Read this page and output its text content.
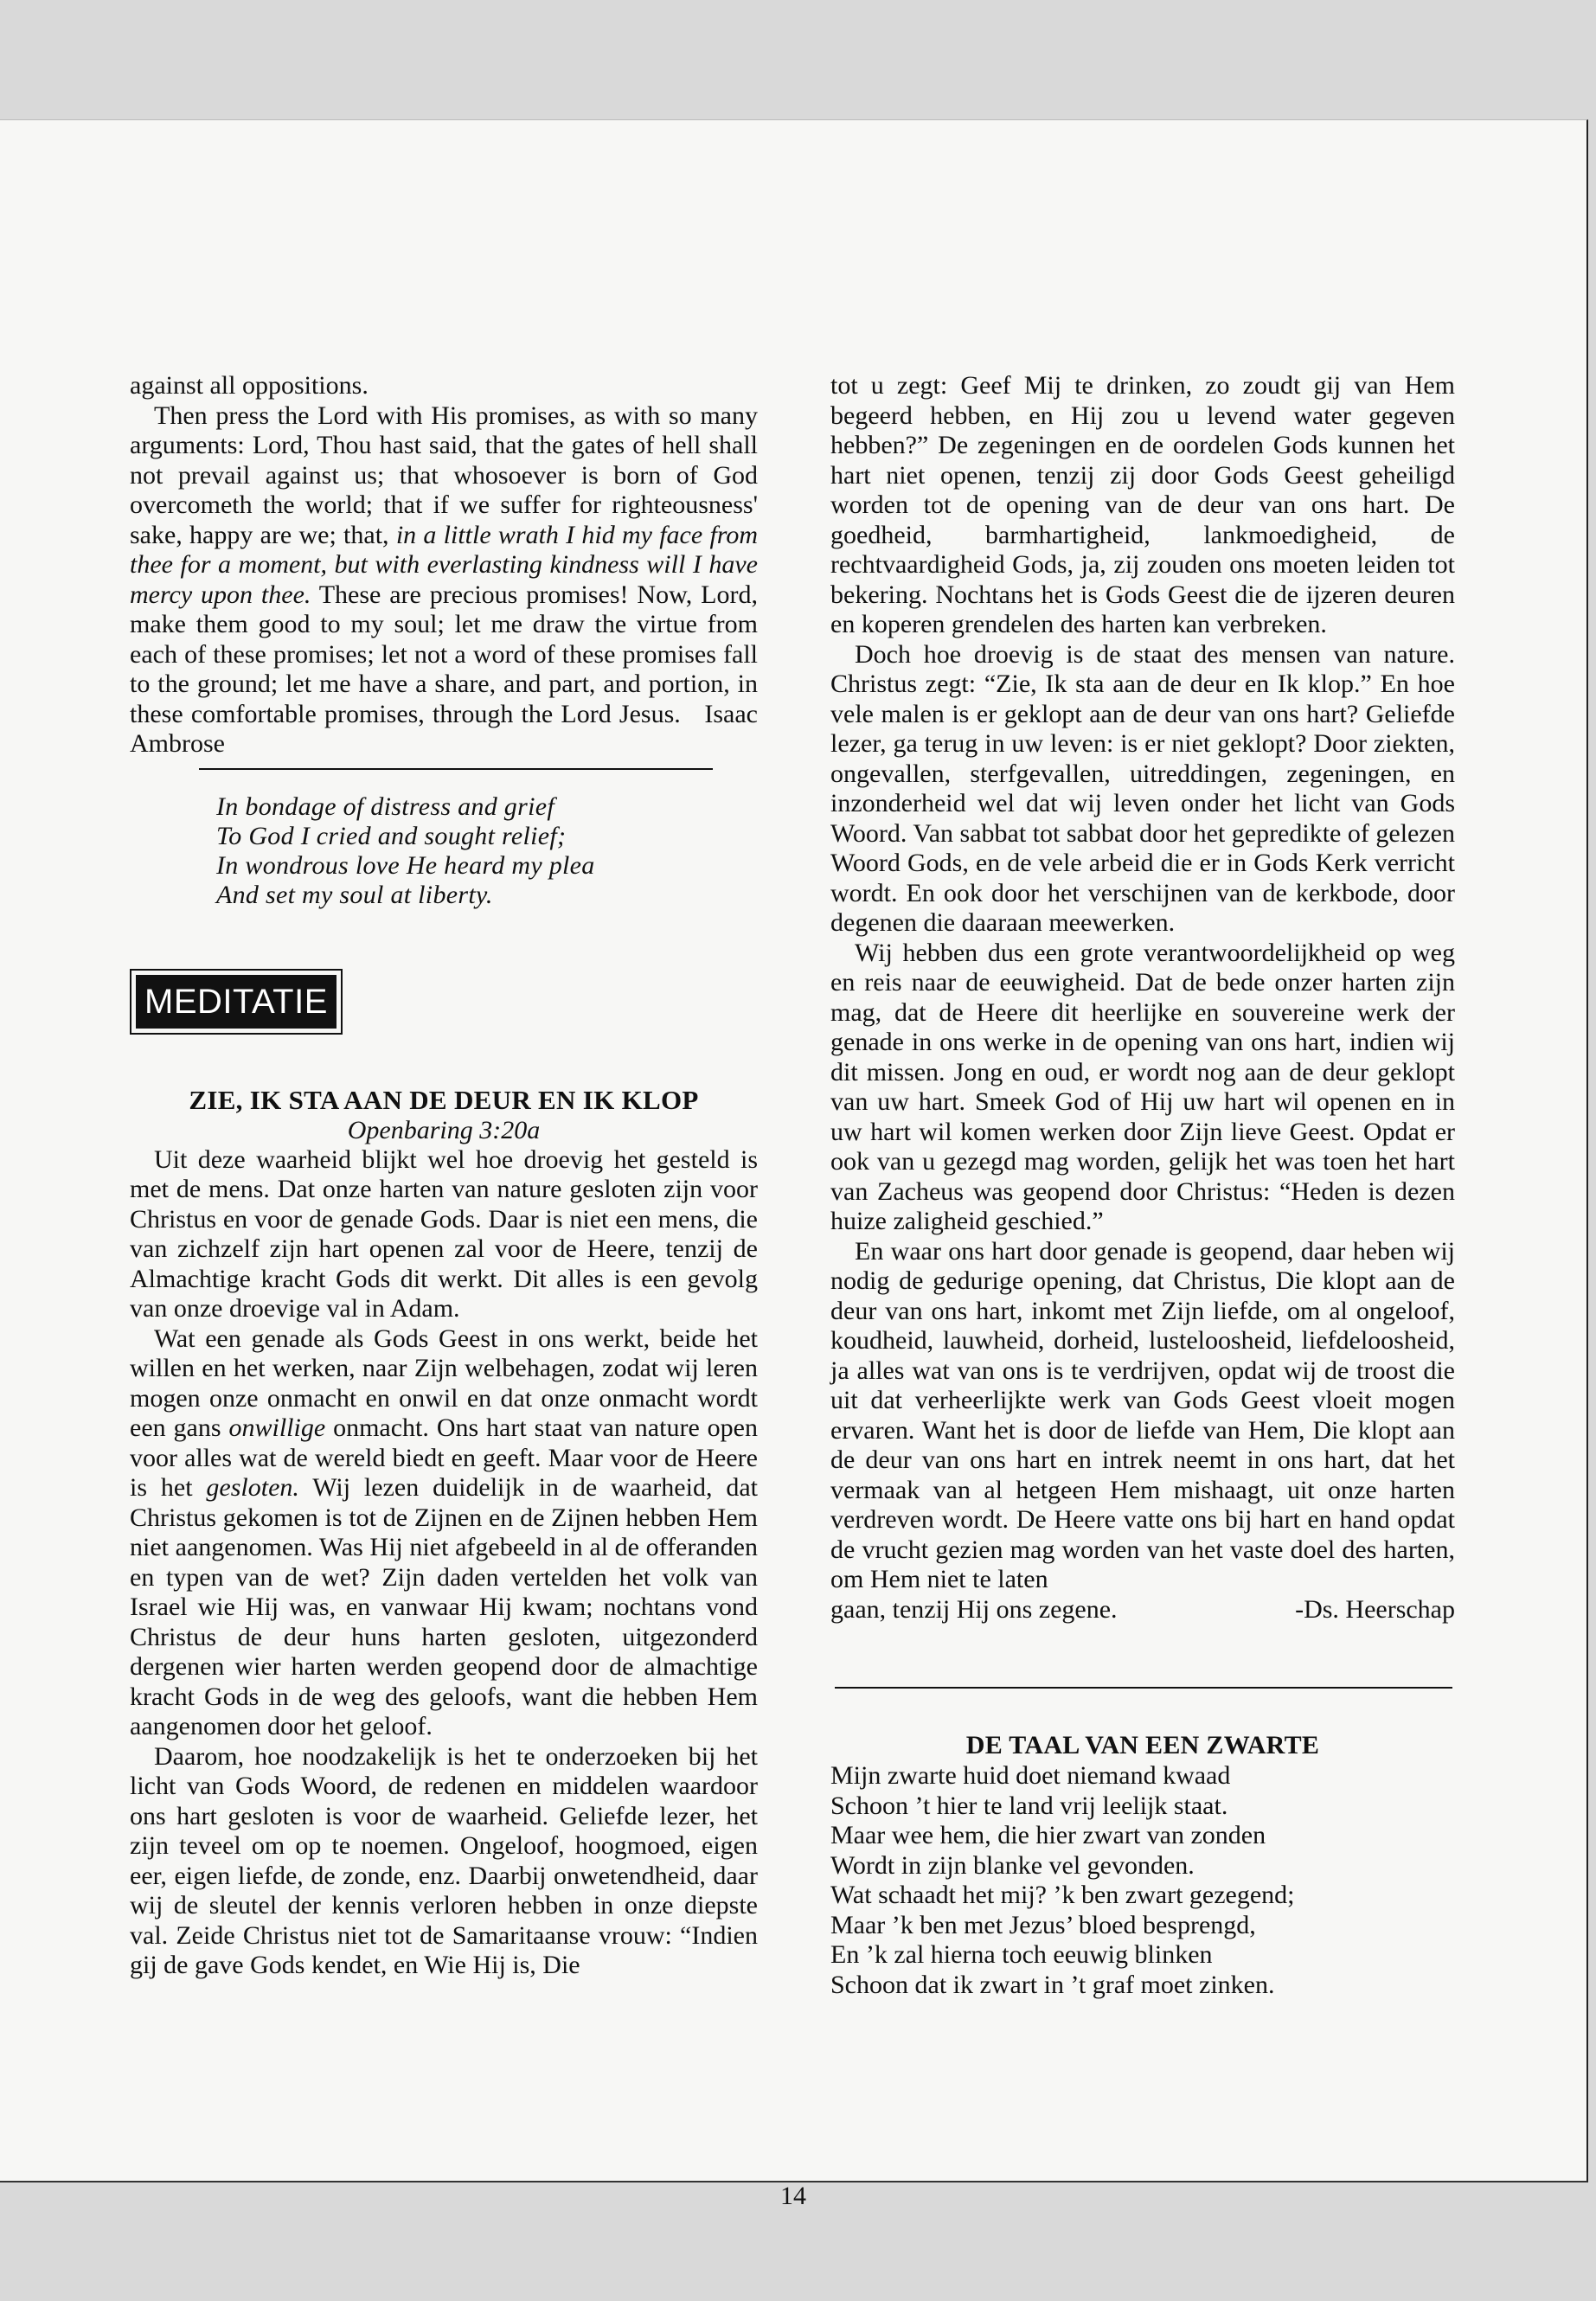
against all oppositions.

Then press the Lord with His promises, as with so many arguments: Lord, Thou hast said, that the gates of hell shall not prevail against us; that whosoever is born of God overcometh the world; that if we suffer for righteousness' sake, happy are we; that, in a little wrath I hid my face from thee for a moment, but with everlasting kindness will I have mercy upon thee. These are precious promises! Now, Lord, make them good to my soul; let me draw the virtue from each of these promises; let not a word of these promises fall to the ground; let me have a share, and part, and portion, in these comfortable promises, through the Lord Jesus. Isaac Ambrose

In bondage of distress and grief
To God I cried and sought relief;
In wondrous love He heard my plea
And set my soul at liberty.
MEDITATIE
ZIE, IK STA AAN DE DEUR EN IK KLOP
Openbaring 3:20a

Uit deze waarheid blijkt wel hoe droevig het gesteld is met de mens. Dat onze harten van nature gesloten zijn voor Christus en voor de genade Gods. Daar is niet een mens, die van zichzelf zijn hart openen zal voor de Heere, tenzij de Almachtige kracht Gods dit werkt. Dit alles is een gevolg van onze droevige val in Adam.

Wat een genade als Gods Geest in ons werkt, beide het willen en het werken, naar Zijn welbehagen, zodat wij leren mogen onze onmacht en onwil en dat onze onmacht wordt een gans onwillige onmacht. Ons hart staat van nature open voor alles wat de wereld biedt en geeft. Maar voor de Heere is het gesloten. Wij lezen duidelijk in de waarheid, dat Christus gekomen is tot de Zijnen en de Zijnen hebben Hem niet aangenomen. Was Hij niet afgebeeld in al de offeranden en typen van de wet? Zijn daden vertelden het volk van Israel wie Hij was, en vanwaar Hij kwam; nochtans vond Christus de deur huns harten gesloten, uitgezonderd dergenen wier harten werden geopend door de almachtige kracht Gods in de weg des geloofs, want die hebben Hem aangenomen door het geloof.

Daarom, hoe noodzakelijk is het te onderzoeken bij het licht van Gods Woord, de redenen en middelen waardoor ons hart gesloten is voor de waarheid. Geliefde lezer, het zijn teveel om op te noemen. Ongeloof, hoogmoed, eigen eer, eigen liefde, de zonde, enz. Daarbij onwetendheid, daar wij de sleutel der kennis verloren hebben in onze diepste val. Zeide Christus niet tot de Samaritaanse vrouw: “Indien gij de gave Gods kendet, en Wie Hij is, Die

tot u zegt: Geef Mij te drinken, zo zoudt gij van Hem begeerd hebben, en Hij zou u levend water gegeven hebben?” De zegeningen en de oordelen Gods kunnen het hart niet openen, tenzij zij door Gods Geest geheiligd worden tot de opening van de deur van ons hart. De goedheid, barmhartigheid, lankmoedigheid, de rechtvaardigheid Gods, ja, zij zouden ons moeten leiden tot bekering. Nochtans het is Gods Geest die de ijzeren deuren en koperen grendelen des harten kan verbreken.

Doch hoe droevig is de staat des mensen van nature. Christus zegt: “Zie, Ik sta aan de deur en Ik klop.” En hoe vele malen is er geklopt aan de deur van ons hart? Geliefde lezer, ga terug in uw leven: is er niet geklopt? Door ziekten, ongevallen, sterfgevallen, uitreddingen, zegeningen, en inzonderheid wel dat wij leven onder het licht van Gods Woord. Van sabbat tot sabbat door het gepredikte of gelezen Woord Gods, en de vele arbeid die er in Gods Kerk verricht wordt. En ook door het verschijnen van de kerkbode, door degenen die daaraan meewerken.

Wij hebben dus een grote verantwoordelijkheid op weg en reis naar de eeuwigheid. Dat de bede onzer harten zijn mag, dat de Heere dit heerlijke en souvereine werk der genade in ons werke in de opening van ons hart, indien wij dit missen. Jong en oud, er wordt nog aan de deur geklopt van uw hart. Smeek God of Hij uw hart wil openen en in uw hart wil komen werken door Zijn lieve Geest. Opdat er ook van u gezegd mag worden, gelijk het was toen het hart van Zacheus was geopend door Christus: “Heden is dezen huize zaligheid geschied.”

En waar ons hart door genade is geopend, daar heben wij nodig de gedurige opening, dat Christus, Die klopt aan de deur van ons hart, inkomt met Zijn liefde, om al ongeloof, koudheid, lauwheid, dorheid, lusteloosheid, liefdeloosheid, ja alles wat van ons is te verdrijven, opdat wij de troost die uit dat verheerlijkte werk van Gods Geest vloeit mogen ervaren. Want het is door de liefde van Hem, Die klopt aan de deur van ons hart en intrek neemt in ons hart, dat het vermaak van al hetgeen Hem mishaagt, uit onze harten verdreven wordt. De Heere vatte ons bij hart en hand opdat de vrucht gezien mag worden van het vaste doel des harten, om Hem niet te laten

gaan, tenzij Hij ons zegene.	-Ds. Heerschap
DE TAAL VAN EEN ZWARTE
Mijn zwarte huid doet niemand kwaad
Schoon ’t hier te land vrij leelijk staat.
Maar wee hem, die hier zwart van zonden
Wordt in zijn blanke vel gevonden.
Wat schaadt het mij? ’k ben zwart gezegend;
Maar ’k ben met Jezus’ bloed besprengd,
En ’k zal hierna toch eeuwig blinken
Schoon dat ik zwart in ’t graf moet zinken.
14
